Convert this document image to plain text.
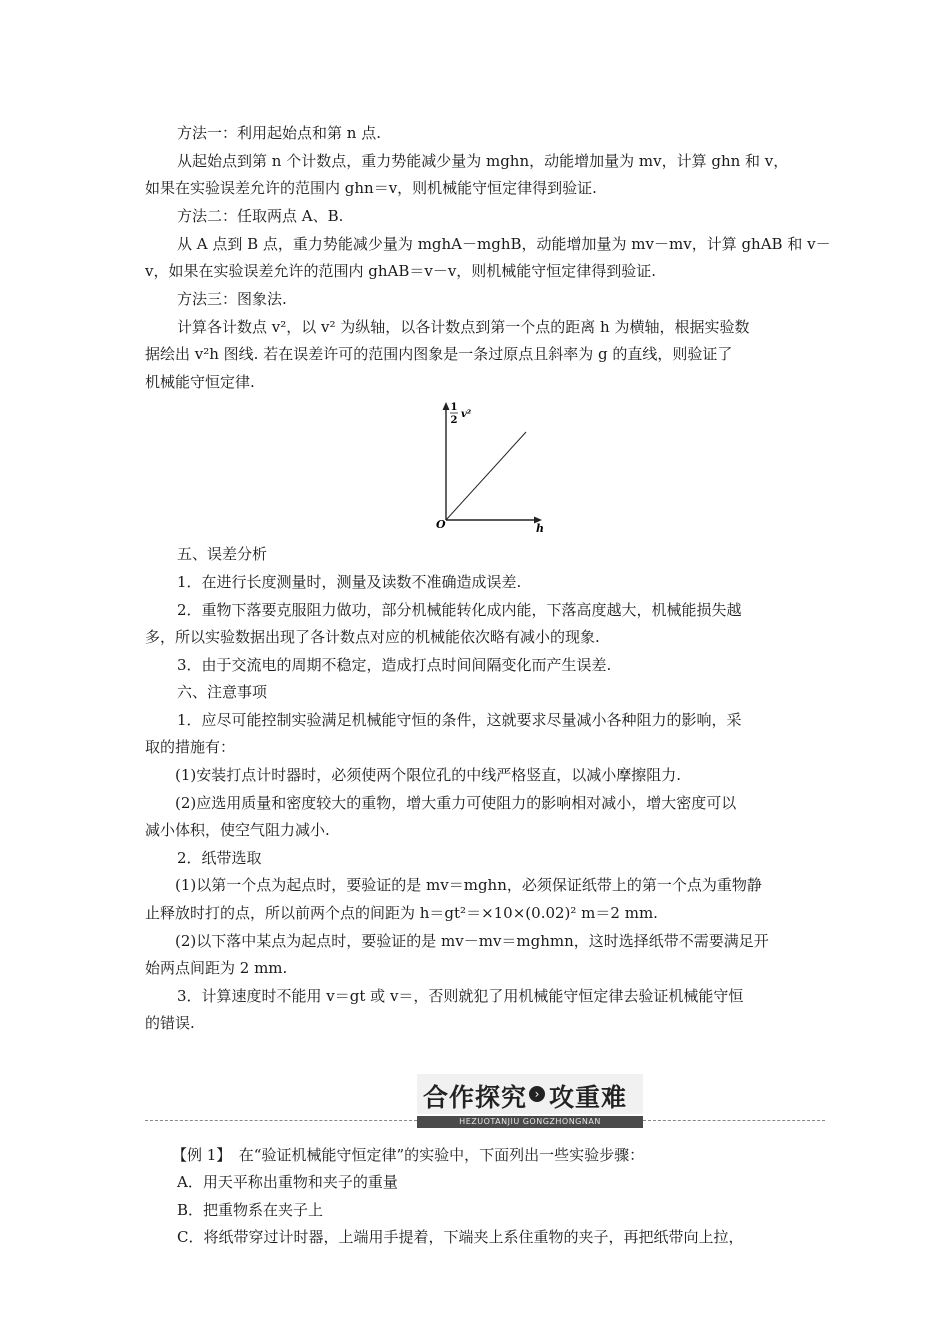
方法一：利用起始点和第 n 点.
从起始点到第 n 个计数点，重力势能减少量为 mghn，动能增加量为 mv，计算 ghn 和 v，
如果在实验误差允许的范围内 ghn＝v，则机械能守恒定律得到验证.
方法二：任取两点 A、B.
从 A 点到 B 点，重力势能减少量为 mghA－mghB，动能增加量为 mv－mv，计算 ghAB 和 v－
v，如果在实验误差允许的范围内 ghAB＝v－v，则机械能守恒定律得到验证.
方法三：图象法.
计算各计数点 v²，以 v² 为纵轴，以各计数点到第一个点的距离 h 为横轴，根据实验数
据绘出 v²h 图线. 若在误差许可的范围内图象是一条过原点且斜率为 g 的直线，则验证了
机械能守恒定律.
1
2
v²
O	h
五、误差分析
1．在进行长度测量时，测量及读数不准确造成误差.
2．重物下落要克服阻力做功，部分机械能转化成内能，下落高度越大，机械能损失越
多，所以实验数据出现了各计数点对应的机械能依次略有减小的现象.
3．由于交流电的周期不稳定，造成打点时间间隔变化而产生误差.
六、注意事项
1．应尽可能控制实验满足机械能守恒的条件，这就要求尽量减小各种阻力的影响，采
取的措施有：
(1)安装打点计时器时，必须使两个限位孔的中线严格竖直，以减小摩擦阻力.
(2)应选用质量和密度较大的重物，增大重力可使阻力的影响相对减小，增大密度可以
减小体积，使空气阻力减小.
2．纸带选取
(1)以第一个点为起点时，要验证的是 mv＝mghn，必须保证纸带上的第一个点为重物静
止释放时打的点，所以前两个点的间距为 h＝gt²＝×10×(0.02)² m＝2 mm.
(2)以下落中某点为起点时，要验证的是 mv－mv＝mghmn，这时选择纸带不需要满足开
始两点间距为 2 mm.
3．计算速度时不能用 v＝gt 或 v＝，否则就犯了用机械能守恒定律去验证机械能守恒
的错误.
合作探究 › 攻重难
HEZUOTANJIU GONGZHONGNAN
【例 1】　在“验证机械能守恒定律”的实验中，下面列出一些实验步骤：
A．用天平称出重物和夹子的重量
B．把重物系在夹子上
C．将纸带穿过计时器，上端用手提着，下端夹上系住重物的夹子，再把纸带向上拉，
